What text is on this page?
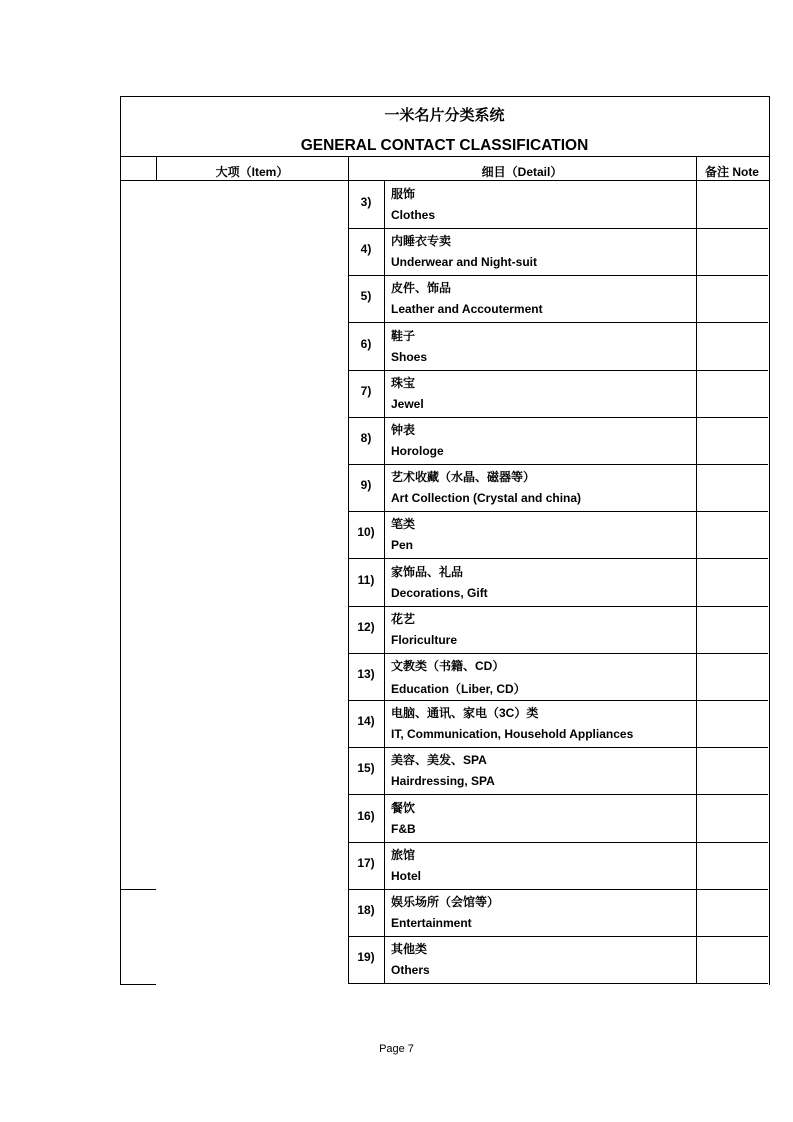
一米名片分类系统
GENERAL CONTACT CLASSIFICATION
大项（Item）	细目（Detail）	备注 Note
3)
服饰
Clothes
4)
内睡衣专卖
Underwear and Night-suit
5)
皮件、饰品
Leather and Accouterment
6)
鞋子
Shoes
7)
珠宝
Jewel
8)
钟表
Horologe
9)
艺术收藏（水晶、磁器等）
Art Collection (Crystal and china)
10)
笔类
Pen
11)
家饰品、礼品
Decorations, Gift
12)
花艺
Floriculture
13)
文教类（书籍、CD）
Education（Liber, CD）
14)
电脑、通讯、家电（3C）类
IT, Communication, Household Appliances
15)
美容、美发、SPA
Hairdressing, SPA
16)
餐饮
F&B
17)
旅馆
Hotel
18)
娱乐场所（会馆等）
Entertainment
19)
其他类
Others
Page 7
